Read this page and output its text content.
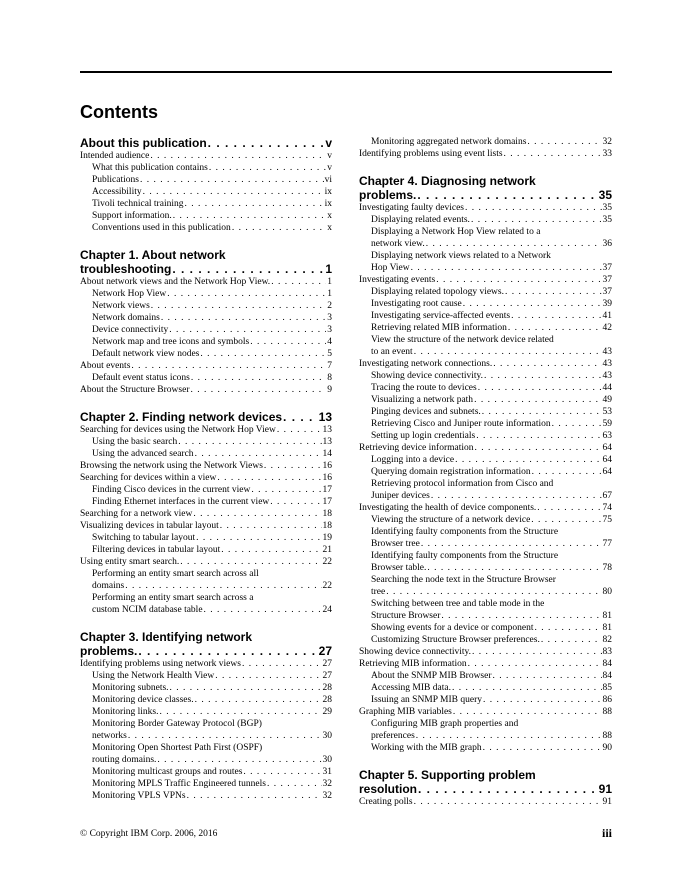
Contents
About this publication . . .	v
Intended audience . . .	v
What this publication contains . . .	v
Publications . . .	vi
Accessibility . . .	ix
Tivoli technical training . . .	ix
Support information. . . .	x
Conventions used in this publication . . .	x
Chapter 1. About network
troubleshooting . . .	1
About network views and the Network Hop View. . . .	1
Network Hop View . . .	1
Network views . . .	2
Network domains . . .	3
Device connectivity . . .	3
Network map and tree icons and symbols . . .	4
Default network view nodes . . .	5
About events . . .	7
Default event status icons . . .	8
About the Structure Browser . . .	9
Chapter 2. Finding network devices . . .	13
Searching for devices using the Network Hop View . . .	13
Using the basic search . . .	13
Using the advanced search . . .	14
Browsing the network using the Network Views . . .	16
Searching for devices within a view . . .	16
Finding Cisco devices in the current view . . .	17
Finding Ethernet interfaces in the current view . . .	17
Searching for a network view . . .	18
Visualizing devices in tabular layout . . .	18
Switching to tabular layout . . .	19
Filtering devices in tabular layout . . .	21
Using entity smart search. . . .	22
Performing an entity smart search across all
domains . . .	22
Performing an entity smart search across a
custom NCIM database table . . .	24
Chapter 3. Identifying network
problems. . . .	27
Identifying problems using network views . . .	27
Using the Network Health View . . .	27
Monitoring subnets. . . .	28
Monitoring device classes. . . .	28
Monitoring links. . . .	29
Monitoring Border Gateway Protocol (BGP)
networks . . .	30
Monitoring Open Shortest Path First (OSPF)
routing domains. . . .	30
Monitoring multicast groups and routes . . .	31
Monitoring MPLS Traffic Engineered tunnels . . .	32
Monitoring VPLS VPNs . . .	32
Monitoring aggregated network domains . . .	32
Identifying problems using event lists . . .	33
Chapter 4. Diagnosing network
problems. . . .	35
Investigating faulty devices . . .	35
Displaying related events. . . .	35
Displaying a Network Hop View related to a
network view. . . .	36
Displaying network views related to a Network
Hop View . . .	37
Investigating events . . .	37
Displaying related topology views. . . .	37
Investigating root cause . . .	39
Investigating service-affected events . . .	41
Retrieving related MIB information . . .	42
View the structure of the network device related
to an event . . .	43
Investigating network connections. . . .	43
Showing device connectivity. . . .	43
Tracing the route to devices . . .	44
Visualizing a network path . . .	49
Pinging devices and subnets. . . .	53
Retrieving Cisco and Juniper route information . . .	59
Setting up login credentials . . .	63
Retrieving device information . . .	64
Logging into a device . . .	64
Querying domain registration information . . .	64
Retrieving protocol information from Cisco and
Juniper devices . . .	67
Investigating the health of device components. . . .	74
Viewing the structure of a network device . . .	75
Identifying faulty components from the Structure
Browser tree . . .	77
Identifying faulty components from the Structure
Browser table. . . .	78
Searching the node text in the Structure Browser
tree . . .	80
Switching between tree and table mode in the
Structure Browser . . .	81
Showing events for a device or component . . .	81
Customizing Structure Browser preferences. . . .	82
Showing device connectivity. . . .	83
Retrieving MIB information . . .	84
About the SNMP MIB Browser . . .	84
Accessing MIB data. . . .	85
Issuing an SNMP MIB query . . .	86
Graphing MIB variables . . .	88
Configuring MIB graph properties and
preferences . . .	88
Working with the MIB graph . . .	90
Chapter 5. Supporting problem
resolution . . .	91
Creating polls . . .	91
© Copyright IBM Corp. 2006, 2016	iii
